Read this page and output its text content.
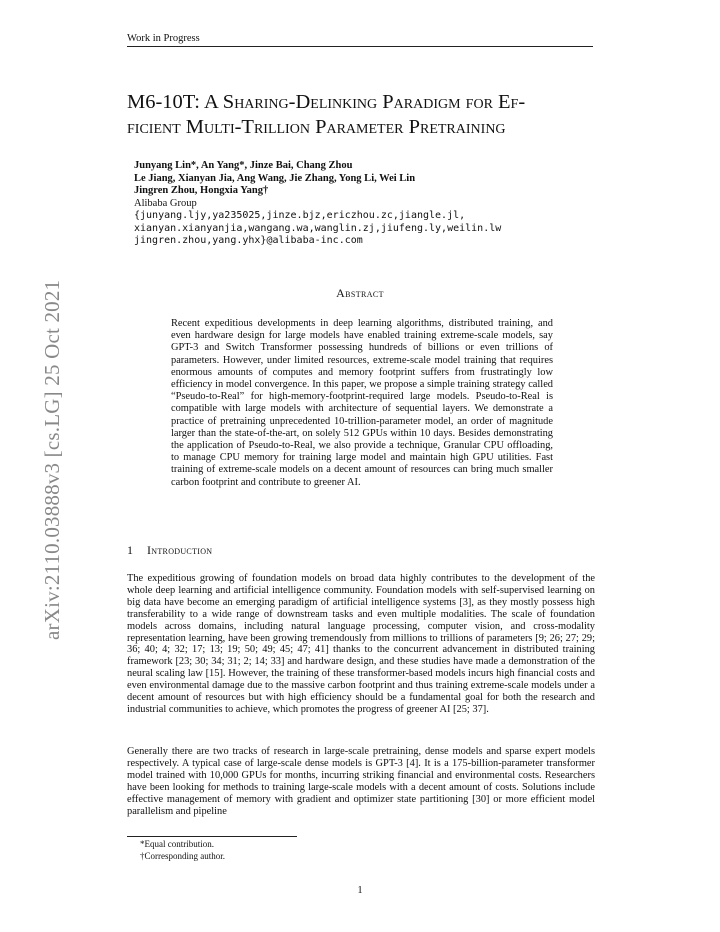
arXiv:2110.03888v3 [cs.LG] 25 Oct 2021
Work in Progress
M6-10T: A Sharing-Delinking Paradigm for Ef-
ficient Multi-Trillion Parameter Pretraining
Junyang Lin*, An Yang*, Jinze Bai, Chang Zhou
Le Jiang, Xianyan Jia, Ang Wang, Jie Zhang, Yong Li, Wei Lin
Jingren Zhou, Hongxia Yang†
Alibaba Group
{junyang.ljy,ya235025,jinze.bjz,ericzhou.zc,jiangle.jl,
xianyan.xianyanjia,wangang.wa,wanglin.zj,jiufeng.ly,weilin.lw
jingren.zhou,yang.yhx}@alibaba-inc.com
Abstract
Recent expeditious developments in deep learning algorithms, distributed training, and even hardware design for large models have enabled training extreme-scale models, say GPT-3 and Switch Transformer possessing hundreds of billions or even trillions of parameters. However, under limited resources, extreme-scale model training that requires enormous amounts of computes and memory footprint suffers from frustratingly low efficiency in model convergence. In this paper, we propose a simple training strategy called “Pseudo-to-Real” for high-memory-footprint-required large models. Pseudo-to-Real is compatible with large models with architecture of sequential layers. We demonstrate a practice of pretraining unprecedented 10-trillion-parameter model, an order of magnitude larger than the state-of-the-art, on solely 512 GPUs within 10 days. Besides demonstrating the application of Pseudo-to-Real, we also provide a technique, Granular CPU offloading, to manage CPU memory for training large model and maintain high GPU utilities. Fast training of extreme-scale models on a decent amount of resources can bring much smaller carbon footprint and contribute to greener AI.
1 Introduction
The expeditious growing of foundation models on broad data highly contributes to the development of the whole deep learning and artificial intelligence community. Foundation models with self-supervised learning on big data have become an emerging paradigm of artificial intelligence systems [3], as they mostly possess high transferability to a wide range of downstream tasks and even multiple modalities. The scale of foundation models across domains, including natural language processing, computer vision, and cross-modality representation learning, have been growing tremendously from millions to trillions of parameters [9; 26; 27; 29; 36; 40; 4; 32; 17; 13; 19; 50; 49; 45; 47; 41] thanks to the concurrent advancement in distributed training framework [23; 30; 34; 31; 2; 14; 33] and hardware design, and these studies have made a demonstration of the neural scaling law [15]. However, the training of these transformer-based models incurs high financial costs and even environmental damage due to the massive carbon footprint and thus training extreme-scale models under a decent amount of resources but with high efficiency should be a fundamental goal for both the research and industrial communities to achieve, which promotes the progress of greener AI [25; 37].
Generally there are two tracks of research in large-scale pretraining, dense models and sparse expert models respectively. A typical case of large-scale dense models is GPT-3 [4]. It is a 175-billion-parameter transformer model trained with 10,000 GPUs for months, incurring striking financial and environmental costs. Researchers have been looking for methods to training large-scale models with a decent amount of costs. Solutions include effective management of memory with gradient and optimizer state partitioning [30] or more efficient model parallelism and pipeline
*Equal contribution.
†Corresponding author.
1
